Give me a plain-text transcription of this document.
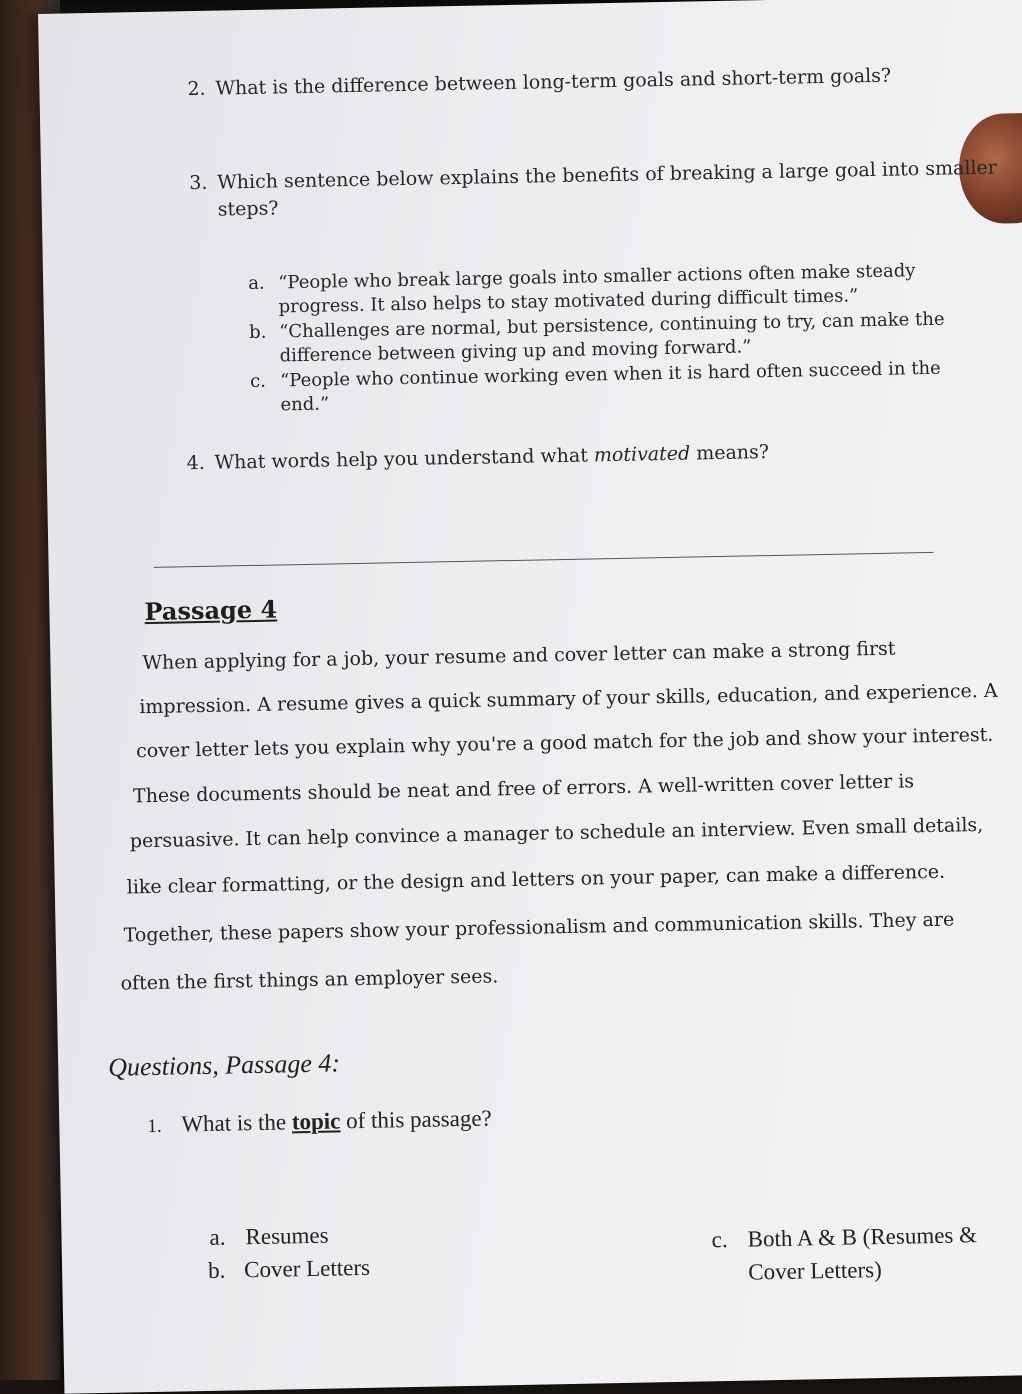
2. What is the difference between long-term goals and short-term goals?
3. Which sentence below explains the benefits of breaking a large goal into smaller
steps?
a. “People who break large goals into smaller actions often make steady
progress. It also helps to stay motivated during difficult times.”
b. “Challenges are normal, but persistence, continuing to try, can make the
difference between giving up and moving forward.”
c. “People who continue working even when it is hard often succeed in the
end.”
4. What words help you understand what motivated means?
Passage 4
When applying for a job, your resume and cover letter can make a strong first
impression. A resume gives a quick summary of your skills, education, and experience. A
cover letter lets you explain why you're a good match for the job and show your interest.
These documents should be neat and free of errors. A well-written cover letter is
persuasive. It can help convince a manager to schedule an interview. Even small details,
like clear formatting, or the design and letters on your paper, can make a difference.
Together, these papers show your professionalism and communication skills. They are
often the first things an employer sees.
Questions, Passage 4:
1. What is the topic of this passage?
a. Resumes
b. Cover Letters
c. Both A & B (Resumes &
Cover Letters)
